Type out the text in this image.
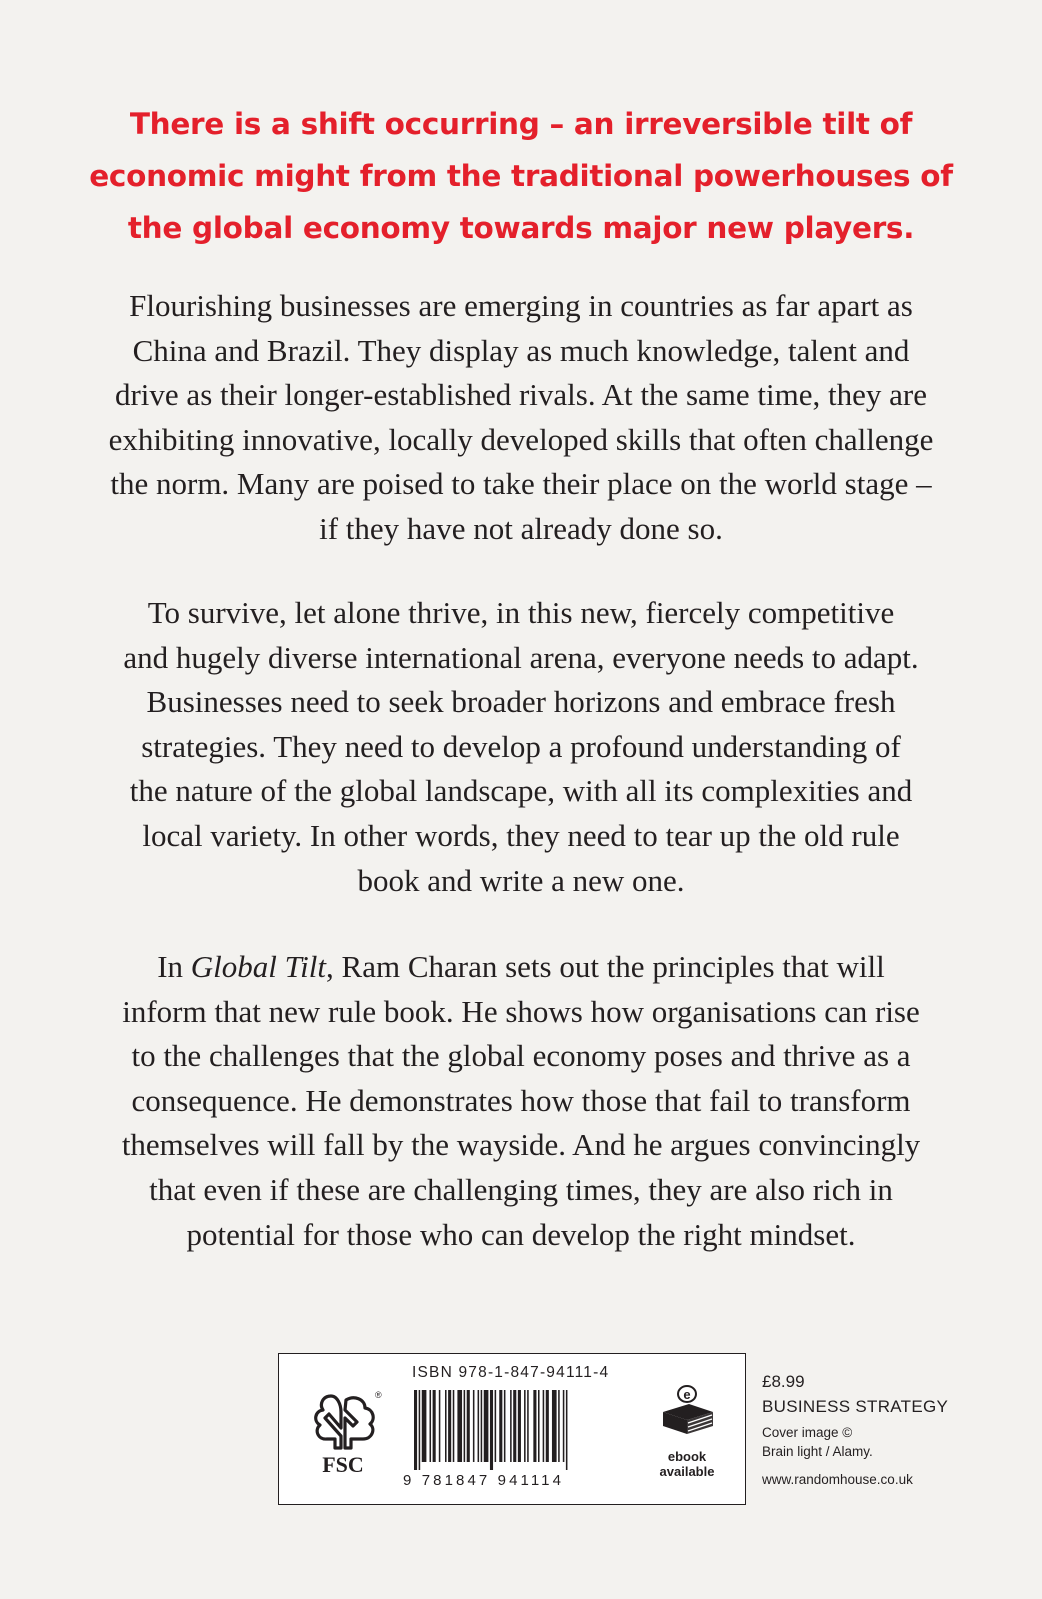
There is a shift occurring – an irreversible tilt of
economic might from the traditional powerhouses of
the global economy towards major new players.
Flourishing businesses are emerging in countries as far apart as
China and Brazil. They display as much knowledge, talent and
drive as their longer-established rivals. At the same time, they are
exhibiting innovative, locally developed skills that often challenge
the norm. Many are poised to take their place on the world stage –
if they have not already done so.
To survive, let alone thrive, in this new, fiercely competitive
and hugely diverse international arena, everyone needs to adapt.
Businesses need to seek broader horizons and embrace fresh
strategies. They need to develop a profound understanding of
the nature of the global landscape, with all its complexities and
local variety. In other words, they need to tear up the old rule
book and write a new one.
In Global Tilt, Ram Charan sets out the principles that will
inform that new rule book. He shows how organisations can rise
to the challenges that the global economy poses and thrive as a
consequence. He demonstrates how those that fail to transform
themselves will fall by the wayside. And he argues convincingly
that even if these are challenging times, they are also rich in
potential for those who can develop the right mindset.
®
FSC
ISBN 978-1-847-94111-4
9 781847 941114
e
ebook
available
£8.99
BUSINESS STRATEGY
Cover image ©
Brain light / Alamy.
www.randomhouse.co.uk
